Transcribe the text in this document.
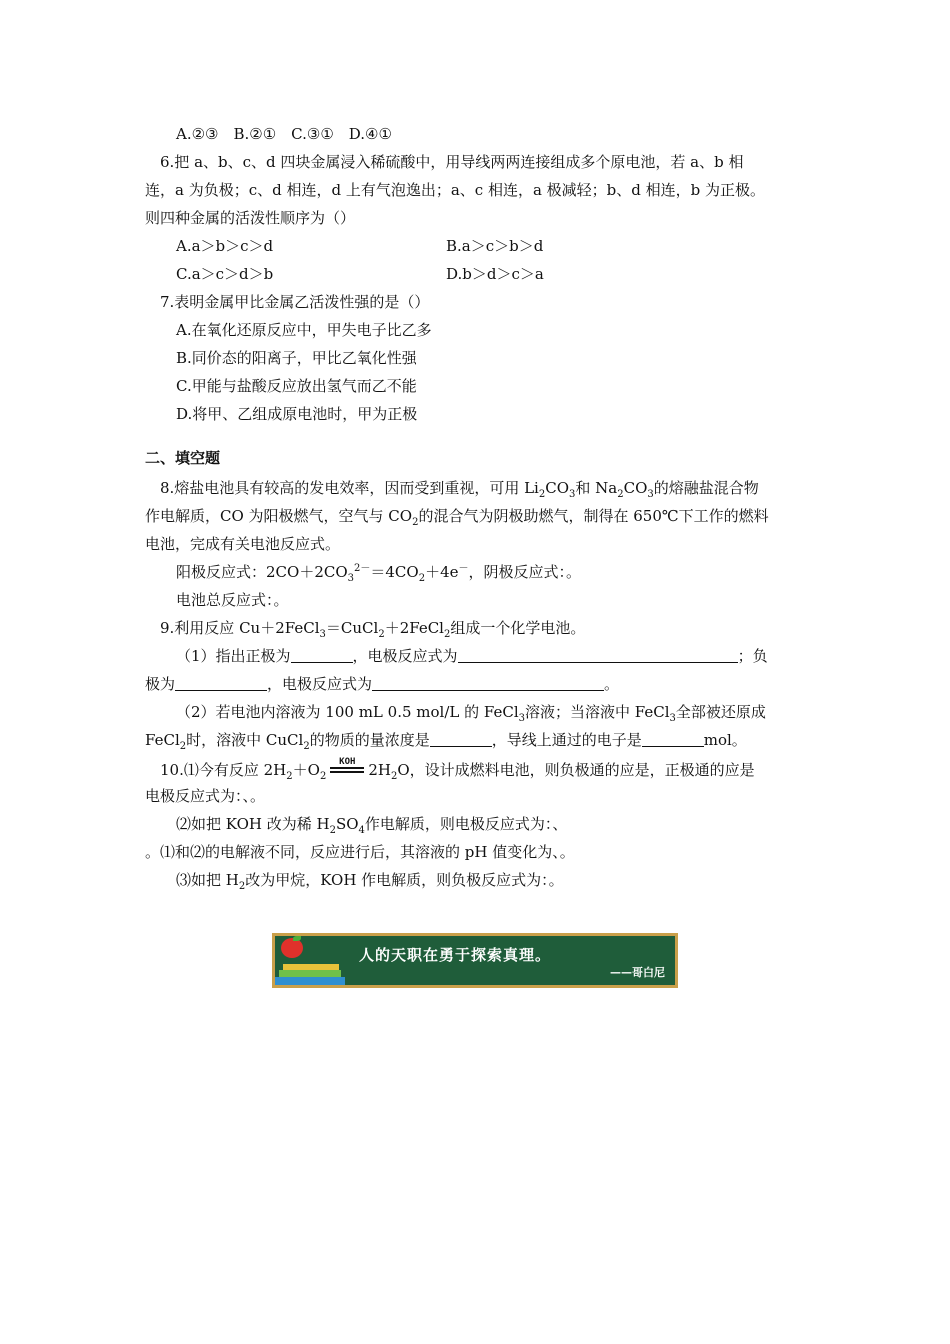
A.②③　B.②①　C.③①　D.④①
6.把 a、b、c、d 四块金属浸入稀硫酸中，用导线两两连接组成多个原电池，若 a、b 相
连，a 为负极；c、d 相连，d 上有气泡逸出；a、c 相连，a 极减轻；b、d 相连，b 为正极。
则四种金属的活泼性顺序为（）
A.a＞b＞c＞d	B.a＞c＞b＞d
C.a＞c＞d＞b	D.b＞d＞c＞a
7.表明金属甲比金属乙活泼性强的是（）
A.在氧化还原反应中，甲失电子比乙多
B.同价态的阳离子，甲比乙氧化性强
C.甲能与盐酸反应放出氢气而乙不能
D.将甲、乙组成原电池时，甲为正极
二、填空题
8.熔盐电池具有较高的发电效率，因而受到重视，可用 $Li_2CO_3$和 $Na_2CO_3$的熔融盐混合物
作电解质，CO 为阳极燃气，空气与 $CO_2$的混合气为阴极助燃气，制得在 650℃下工作的燃料
电池，完成有关电池反应式。
阳极反应式：$2CO+2CO_3^{2-}=4CO_2+4e^-$，阴极反应式：。
电池总反应式：。
9.利用反应 Cu＋2FeCl$_3$＝CuCl$_2$＋2FeCl$_2$组成一个化学电池。
（1）指出正极为	，电极反应式为	；负
极为	，电极反应式为	。
（2）若电池内溶液为 100 mL 0.5 mol/L 的 FeCl$_3$溶液；当溶液中 FeCl$_3$全部被还原成
FeCl$_2$时，溶液中 CuCl$_2$的物质的量浓度是	，导线上通过的电子是	mol。
10.⑴今有反应 $2H_2+O_2$
KOH $2H_2O$，设计成燃料电池，则负极通的应是，正极通的应是
电极反应式为：、。
⑵如把 KOH 改为稀 $H_2SO_4$作电解质，则电极反应式为：、
。⑴和⑵的电解液不同，反应进行后，其溶液的 pH 值变化为、。
⑶如把 $H_2$改为甲烷，KOH 作电解质，则负极反应式为：。
人的天职在勇于探索真理。
——哥白尼
